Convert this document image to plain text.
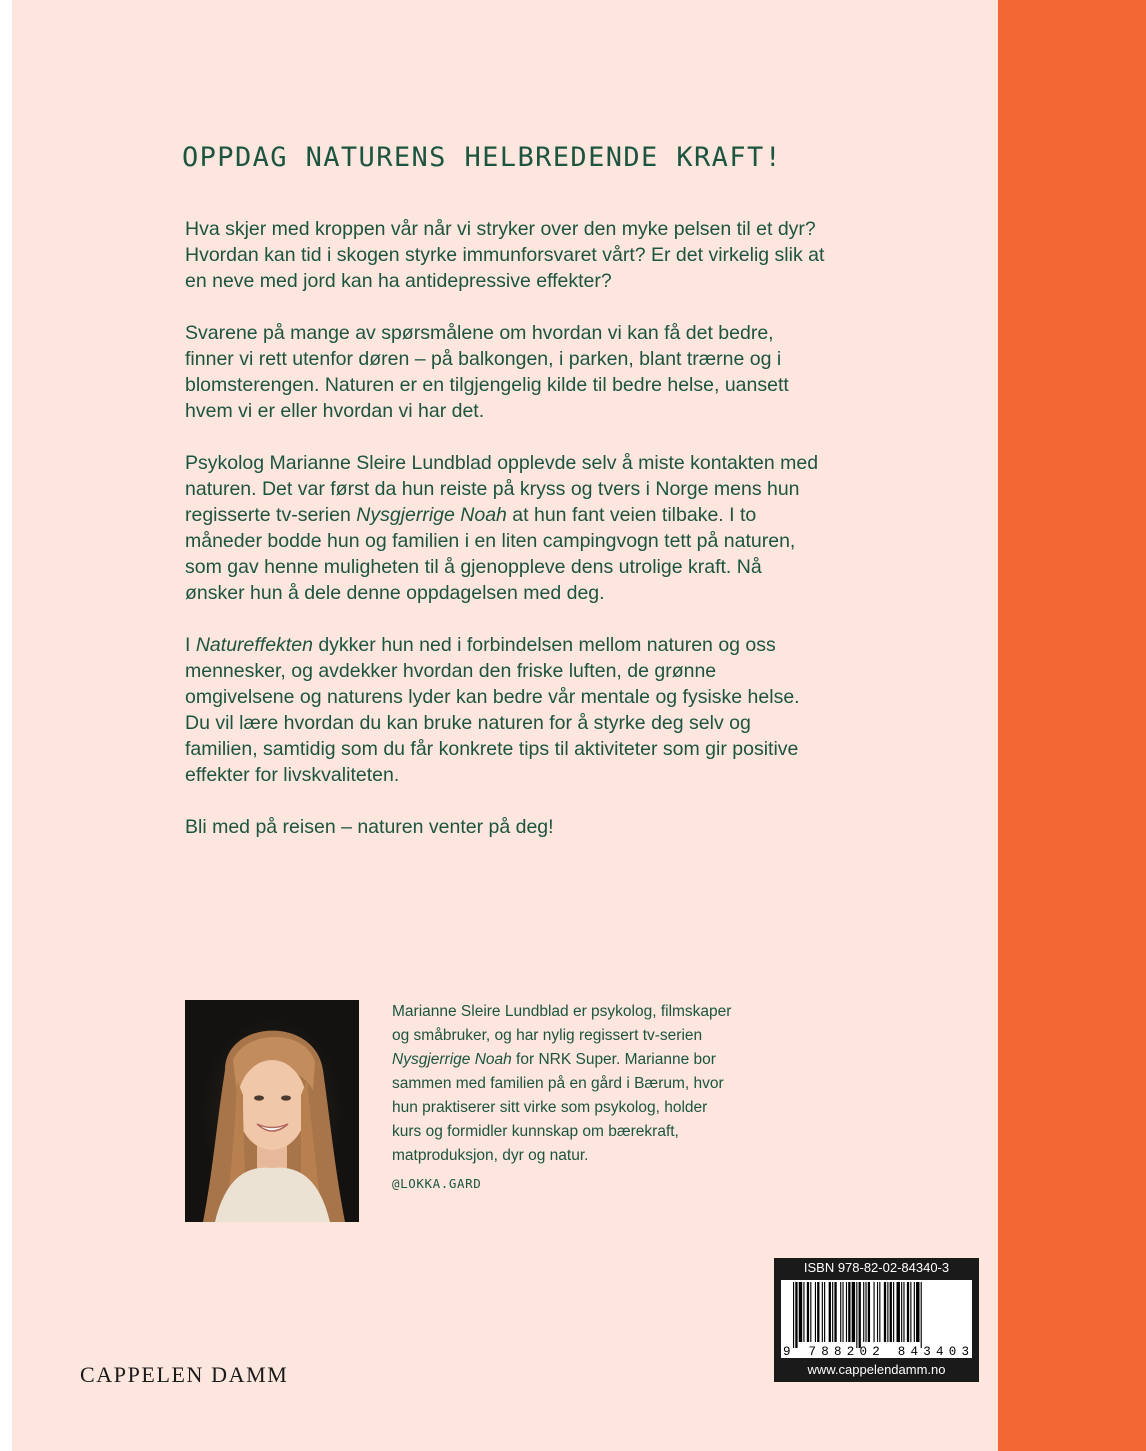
OPPDAG NATURENS HELBREDENDE KRAFT!

Hva skjer med kroppen vår når vi stryker over den myke pelsen til et dyr? Hvordan kan tid i skogen styrke immunforsvaret vårt? Er det virkelig slik at en neve med jord kan ha antidepressive effekter?

Svarene på mange av spørsmålene om hvordan vi kan få det bedre, finner vi rett utenfor døren – på balkongen, i parken, blant trærne og i blomsterengen. Naturen er en tilgjengelig kilde til bedre helse, uansett hvem vi er eller hvordan vi har det.

Psykolog Marianne Sleire Lundblad opplevde selv å miste kontakten med naturen. Det var først da hun reiste på kryss og tvers i Norge mens hun regisserte tv-serien Nysgjerrige Noah at hun fant veien tilbake. I to måneder bodde hun og familien i en liten campingvogn tett på naturen, som gav henne muligheten til å gjenoppleve dens utrolige kraft. Nå ønsker hun å dele denne oppdagelsen med deg.

I Natureffekten dykker hun ned i forbindelsen mellom naturen og oss mennesker, og avdekker hvordan den friske luften, de grønne omgivelsene og naturens lyder kan bedre vår mentale og fysiske helse. Du vil lære hvordan du kan bruke naturen for å styrke deg selv og familien, samtidig som du får konkrete tips til aktiviteter som gir positive effekter for livskvaliteten.

Bli med på reisen – naturen venter på deg!

Marianne Sleire Lundblad er psykolog, filmskaper og småbruker, og har nylig regissert tv-serien Nysgjerrige Noah for NRK Super. Marianne bor sammen med familien på en gård i Bærum, hvor hun praktiserer sitt virke som psykolog, holder kurs og formidler kunnskap om bærekraft, matproduksjon, dyr og natur.

@LOKKA.GARD
ISBN 978-82-02-84340-3
9 788202 843403
www.cappelendamm.no
CAPPELEN DAMM
